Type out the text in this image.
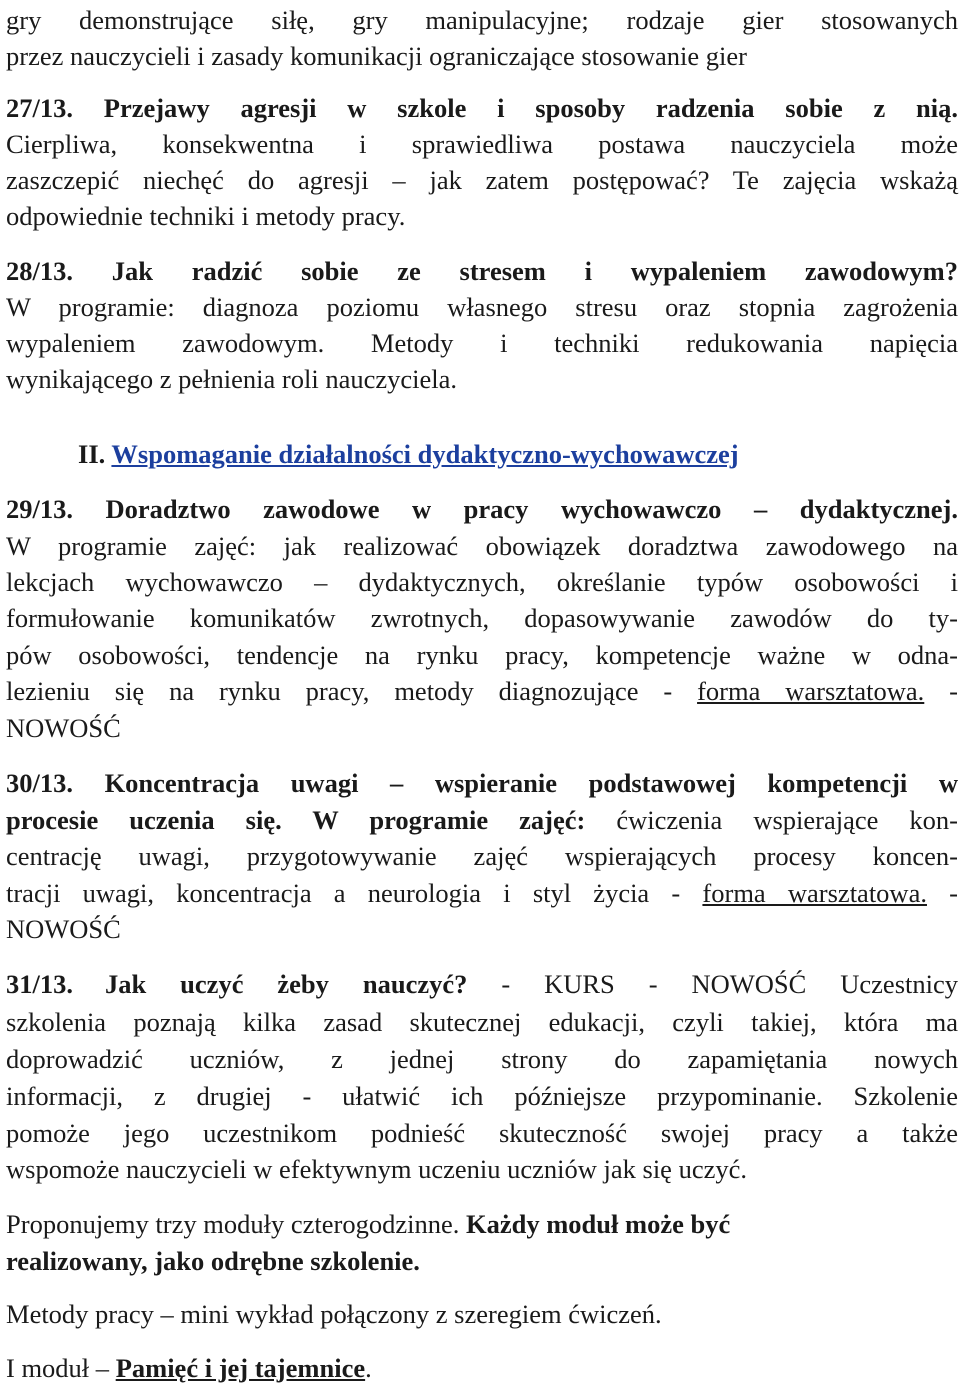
gry demonstrujące siłę, gry manipulacyjne; rodzaje gier stosowanych

przez nauczycieli i zasady komunikacji ograniczające stosowanie gier

27/13. Przejawy agresji w szkole i sposoby radzenia sobie z nią.

Cierpliwa, konsekwentna i sprawiedliwa postawa nauczyciela może

zaszczepić niechęć do agresji – jak zatem postępować? Te zajęcia wskażą

odpowiednie techniki i metody pracy.

28/13. Jak radzić sobie ze stresem i wypaleniem zawodowym?

W programie: diagnoza poziomu własnego stresu oraz stopnia zagrożenia

wypaleniem zawodowym. Metody i techniki redukowania napięcia

wynikającego z pełnienia roli nauczyciela.

II. Wspomaganie działalności dydaktyczno-wychowawczej

29/13. Doradztwo zawodowe w pracy wychowawczo – dydaktycznej.

W programie zajęć: jak realizować obowiązek doradztwa zawodowego na

lekcjach wychowawczo – dydaktycznych, określanie typów osobowości i

formułowanie komunikatów zwrotnych, dopasowywanie zawodów do ty-

pów osobowości, tendencje na rynku pracy, kompetencje ważne w odna-

lezieniu się na rynku pracy, metody diagnozujące - forma warsztatowa. -

NOWOŚĆ

30/13. Koncentracja uwagi – wspieranie podstawowej kompetencji w

procesie uczenia się. W programie zajęć: ćwiczenia wspierające kon-

centrację uwagi, przygotowywanie zajęć wspierających procesy koncen-

tracji uwagi, koncentracja a neurologia i styl życia - forma warsztatowa. -

NOWOŚĆ

31/13. Jak uczyć żeby nauczyć? - KURS - NOWOŚĆ Uczestnicy

szkolenia poznają kilka zasad skutecznej edukacji, czyli takiej, która ma

doprowadzić uczniów, z jednej strony do zapamiętania nowych

informacji, z drugiej - ułatwić ich późniejsze przypominanie. Szkolenie

pomoże jego uczestnikom podnieść skuteczność swojej pracy a także

wspomoże nauczycieli w efektywnym uczeniu uczniów jak się uczyć.

Proponujemy trzy moduły czterogodzinne. Każdy moduł może być

realizowany, jako odrębne szkolenie.

Metody pracy – mini wykład połączony z szeregiem ćwiczeń.

I moduł – Pamięć i jej tajemnice.
